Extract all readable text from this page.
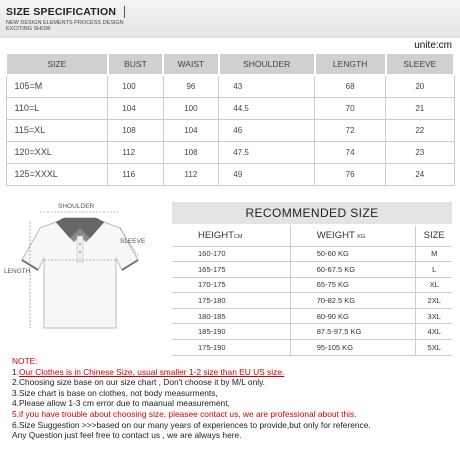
SIZE SPECIFICATION
NEW DESIGN ELEMENTS PROCESS DESIGN
EXCITING SHOW
unite:cm
SIZE	BUST	WAIST	SHOULDER	LENGTH	SLEEVE
105=M	100	96	43	68	20
110=L	104	100	44.5	70	21
115=XL	108	104	46	72	22
120=XXL	112	108	47.5	74	23
125=XXXL	116	112	49	76	24
SHOULDER
SLEEVE
LENGTH
RECOMMENDED SIZE
HEIGHTCM	WEIGHT KG	SIZE
160-170	50-60 KG	M
165-175	60-67.5 KG	L
170-175	65-75 KG	XL
175-180	70-82.5 KG	2XL
180-185	80-90 KG	3XL
185-190	87.5-97.5 KG	4XL
175-190	95-105 KG	5XL
NOTE:
1.Our Clothes is in Chinese Size, usual smaller 1-2 size than EU US size.
2.Choosing size base on our size chart , Don't choose it by M/L only.
3.Size chart is base on clothes, not body measurments,
4.Please allow 1-3 cm error due to maanual measurement,
5.if you have trouble about choosing size, pleasee contact us, we are professional about this.
6.Size Suggestion >>>based on our many years of experiences to provide,but only for reference.
Any Question just feel free to contact us , we are always here.
